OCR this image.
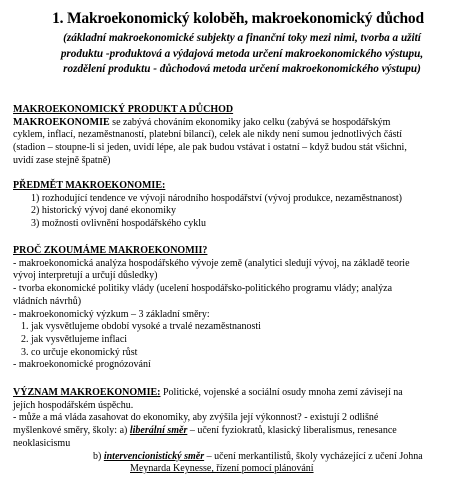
1. Makroekonomický koloběh, makroekonomický důchod
(základní makroekonomické subjekty a finanční toky mezi nimi, tvorba a užití
produktu -produktová a výdajová metoda určení makroekonomického výstupu,
rozdělení produktu - důchodová metoda určení makroekonomického výstupu)
MAKROEKONOMICKÝ PRODUKT A DŮCHOD
MAKROEKONOMIE se zabývá chováním ekonomiky jako celku (zabývá se hospodářským
cyklem, inflací, nezaměstnaností, platební bilancí), celek ale nikdy není sumou jednotlivých částí
(stadion – stoupne-li si jeden, uvidí lépe, ale pak budou vstávat i ostatní – když budou stát všichni,
uvidí zase stejně špatně)
PŘEDMĚT MAKROEKONOMIE:
1) rozhodující tendence ve vývoji národního hospodářství (vývoj produkce, nezaměstnanost)
2) historický vývoj dané ekonomiky
3) možnosti ovlivnění hospodářského cyklu
PROČ ZKOUMÁME MAKROEKONOMII?
- makroekonomická analýza hospodářského vývoje země (analytici sledují vývoj, na základě teorie
vývoj interpretují a určují důsledky)
- tvorba ekonomické politiky vlády (ucelení hospodářsko-politického programu vlády; analýza
vládních návrhů)
- makroekonomický výzkum – 3 základní směry:
1. jak vysvětlujeme období vysoké a trvalé nezaměstnanosti
2. jak vysvětlujeme inflaci
3. co určuje ekonomický růst
- makroekonomické prognózování
VÝZNAM MAKROEKONOMIE: Politické, vojenské a sociální osudy mnoha zemí závisejí na
jejích hospodářském úspěchu.
- může a má vláda zasahovat do ekonomiky, aby zvýšila její výkonnost? - existují 2 odlišné
myšlenkové směry, školy: a) liberální směr – učení fyziokratů, klasický liberalismus, renesance
neoklasicismu
b) intervencionistický směr – učení merkantilistů, školy vycházející z učení Johna
Meynarda Keynesse, řízení pomocí plánování
